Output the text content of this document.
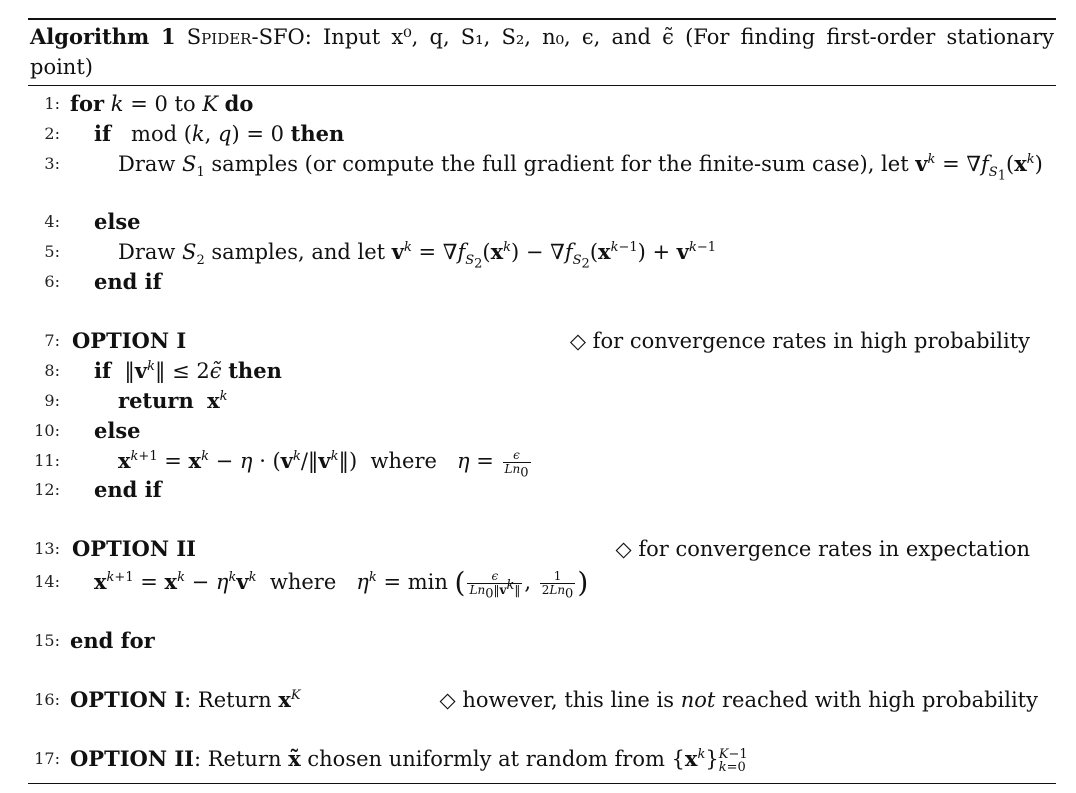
Algorithm 1 Spider-SFO: Input x⁰, q, S₁, S₂, n₀, ϵ, and ϵ̃ (For finding first-order stationary point)
1: for k = 0 to K do
2: if   mod (k, q) = 0 then
3:	Draw $S_1$ samples (or compute the full gradient for the finite-sum case), let $v^k = \nabla f_{S_1}(x^k)$
4: else
5:	Draw $S_2$ samples, and let $v^k = \nabla f_{S_2}(x^k) - \nabla f_{S_2}(x^{k-1}) + v^{k-1}$
6: end if
7: OPTION I	◇ for convergence rates in high probability
8: if  $‖v^k‖$ ≤ 2ϵ̃ then
9:	return $x^k$
10: else
11:	$x^{k+1} = x^k - \eta$ · $(v^k/‖v^k‖)$  where   $\eta = \frac{\epsilon}{Ln_0}$
12: end if
13: OPTION II	◇ for convergence rates in expectation
14: $x^{k+1} = x^k - \eta^kv^k$  where   $\eta^k = \min$ ( $\frac{\epsilon}{Ln_0‖v^k‖}$ , $\frac{1}{2Ln_0}$ )
15: end for
16: OPTION I: Return $x^K$	◇ however, this line is not reached with high probability
17: OPTION II: Return x̃ chosen uniformly at random from $\{x^k\}$ K−1
k=0
